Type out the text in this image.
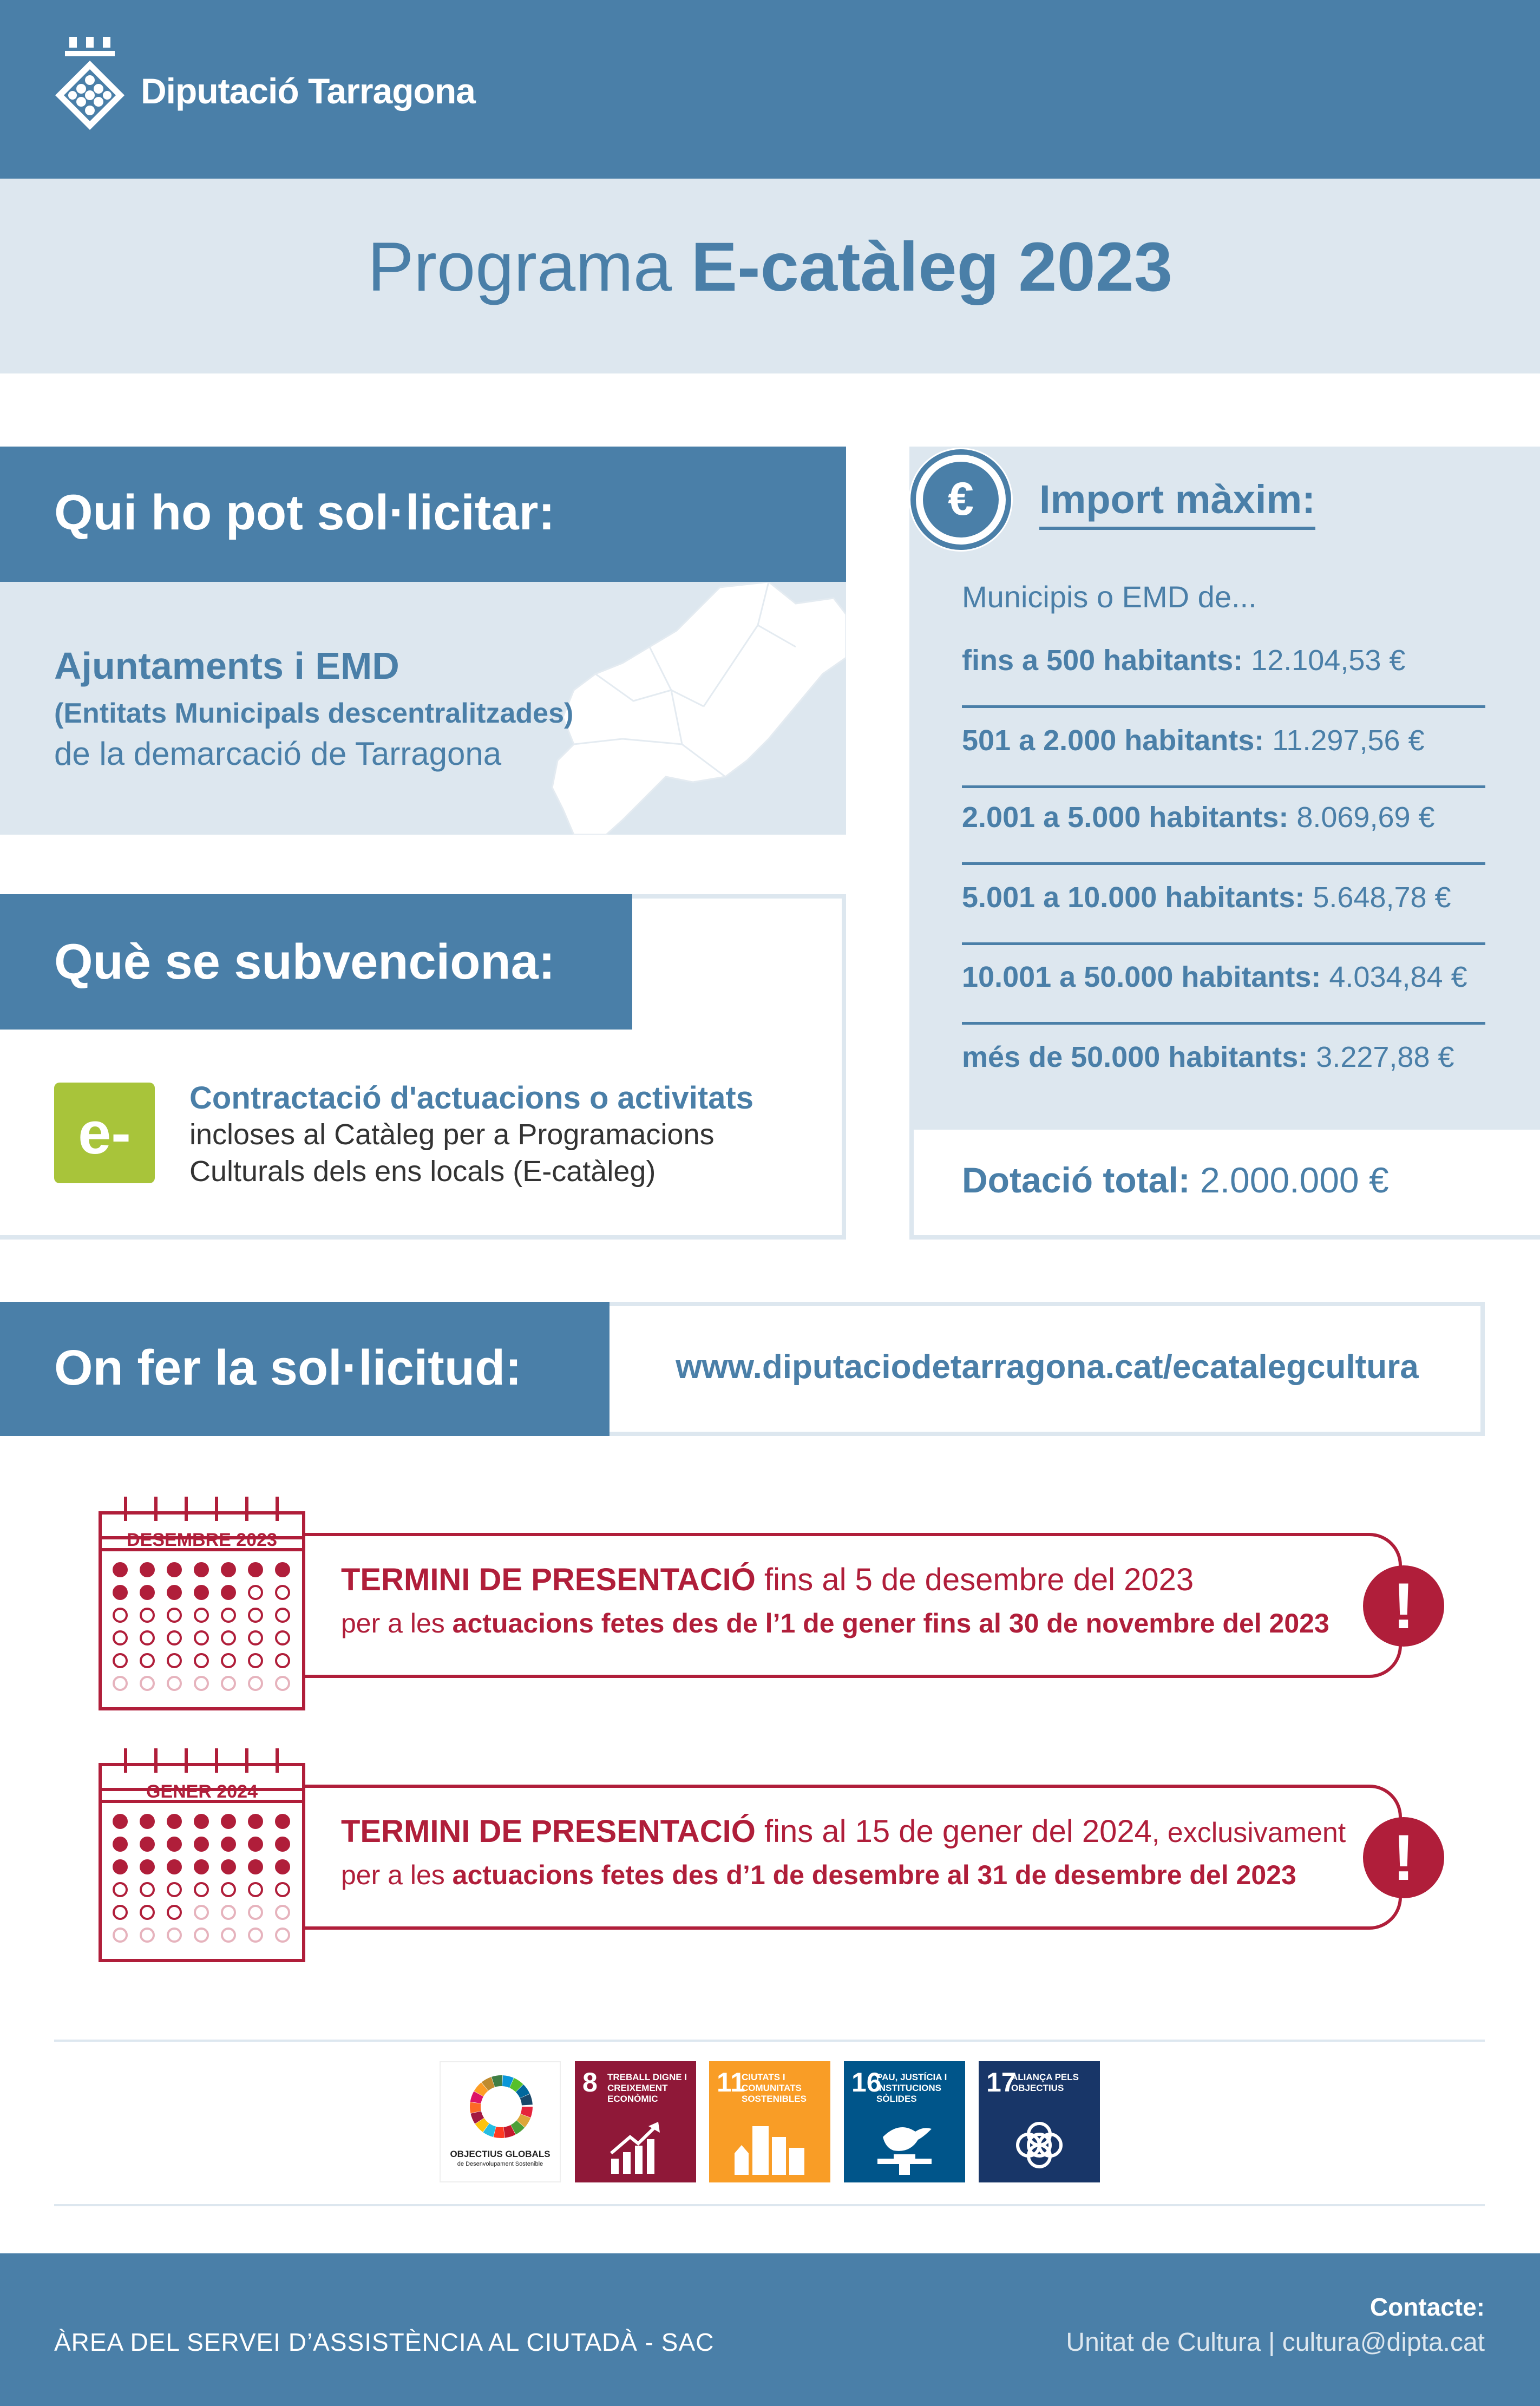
Diputació Tarragona
Programa E-catàleg 2023
Qui ho pot sol·licitar:
Ajuntaments i EMD
(Entitats Municipals descentralitzades)
de la demarcació de Tarragona
Què se subvenciona:
e-
Contractació d'actuacions o activitats
incloses al Catàleg per a Programacions
Culturals dels ens locals (E-catàleg)
€ Import màxim:
Municipis o EMD de...
fins a 500 habitants: 12.104,53 €
501 a 2.000 habitants: 11.297,56 €
2.001 a 5.000 habitants: 8.069,69 €
5.001 a 10.000 habitants: 5.648,78 €
10.001 a 50.000 habitants: 4.034,84 €
més de 50.000 habitants: 3.227,88 €
Dotació total: 2.000.000 €
On fer la sol·licitud:	www.diputaciodetarragona.cat/ecatalegcultura
DESEMBRE 2023
TERMINI DE PRESENTACIÓ fins al 5 de desembre del 2023
per a les actuacions fetes des de l’1 de gener fins al 30 de novembre del 2023 !
GENER 2024
TERMINI DE PRESENTACIÓ fins al 15 de gener del 2024, exclusivament
per a les actuacions fetes des d’1 de desembre al 31 de desembre del 2023	!
OBJECTIUS GLOBALS
de Desenvolupament Sostenible
8 TREBALL DIGNE I CREIXEMENT ECONÒMIC
11
CIUTATS I COMUNITATS SOSTENIBLES
16
PAU, JUSTÍCIA I INSTITUCIONS SÒLIDES
17
ALIANÇA PELS OBJECTIUS
ÀREA DEL SERVEI D’ASSISTÈNCIA AL CIUTADÀ - SAC
Contacte:
Unitat de Cultura | cultura@dipta.cat
